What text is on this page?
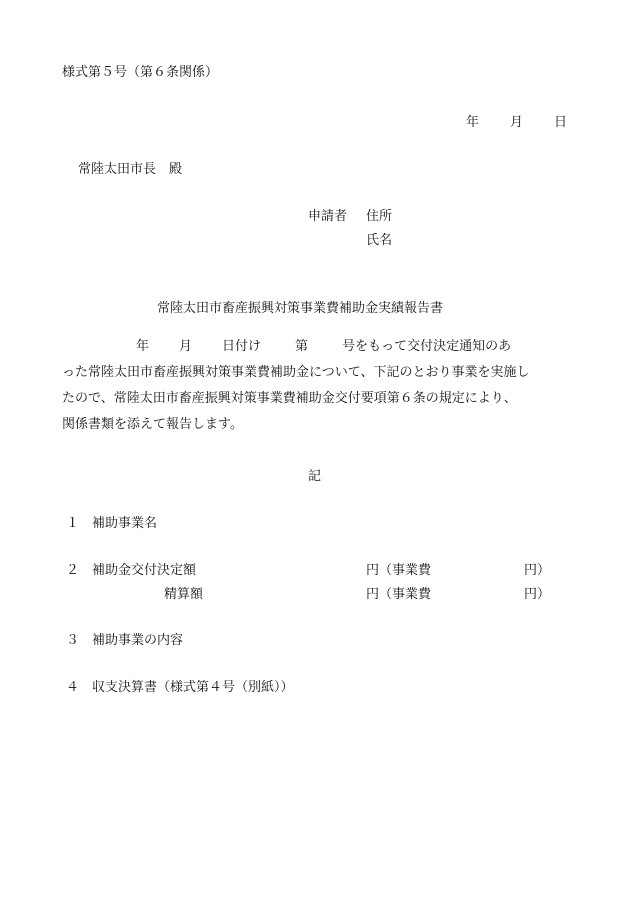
様式第５号（第６条関係）
年 月 日
常陸太田市長　殿
申請者 住所
氏名
常陸太田市畜産振興対策事業費補助金実績報告書
年 月 日付け	第	号をもって交付決定通知のあ
った常陸太田市畜産振興対策事業費補助金について、下記のとおり事業を実施し
たので、常陸太田市畜産振興対策事業費補助金交付要項第６条の規定により、
関係書類を添えて報告します。
記
１ 補助事業名
２ 補助金交付決定額	円（事業費	円）
精算額	円（事業費	円）
３ 補助事業の内容
４ 収支決算書（様式第４号（別紙））
